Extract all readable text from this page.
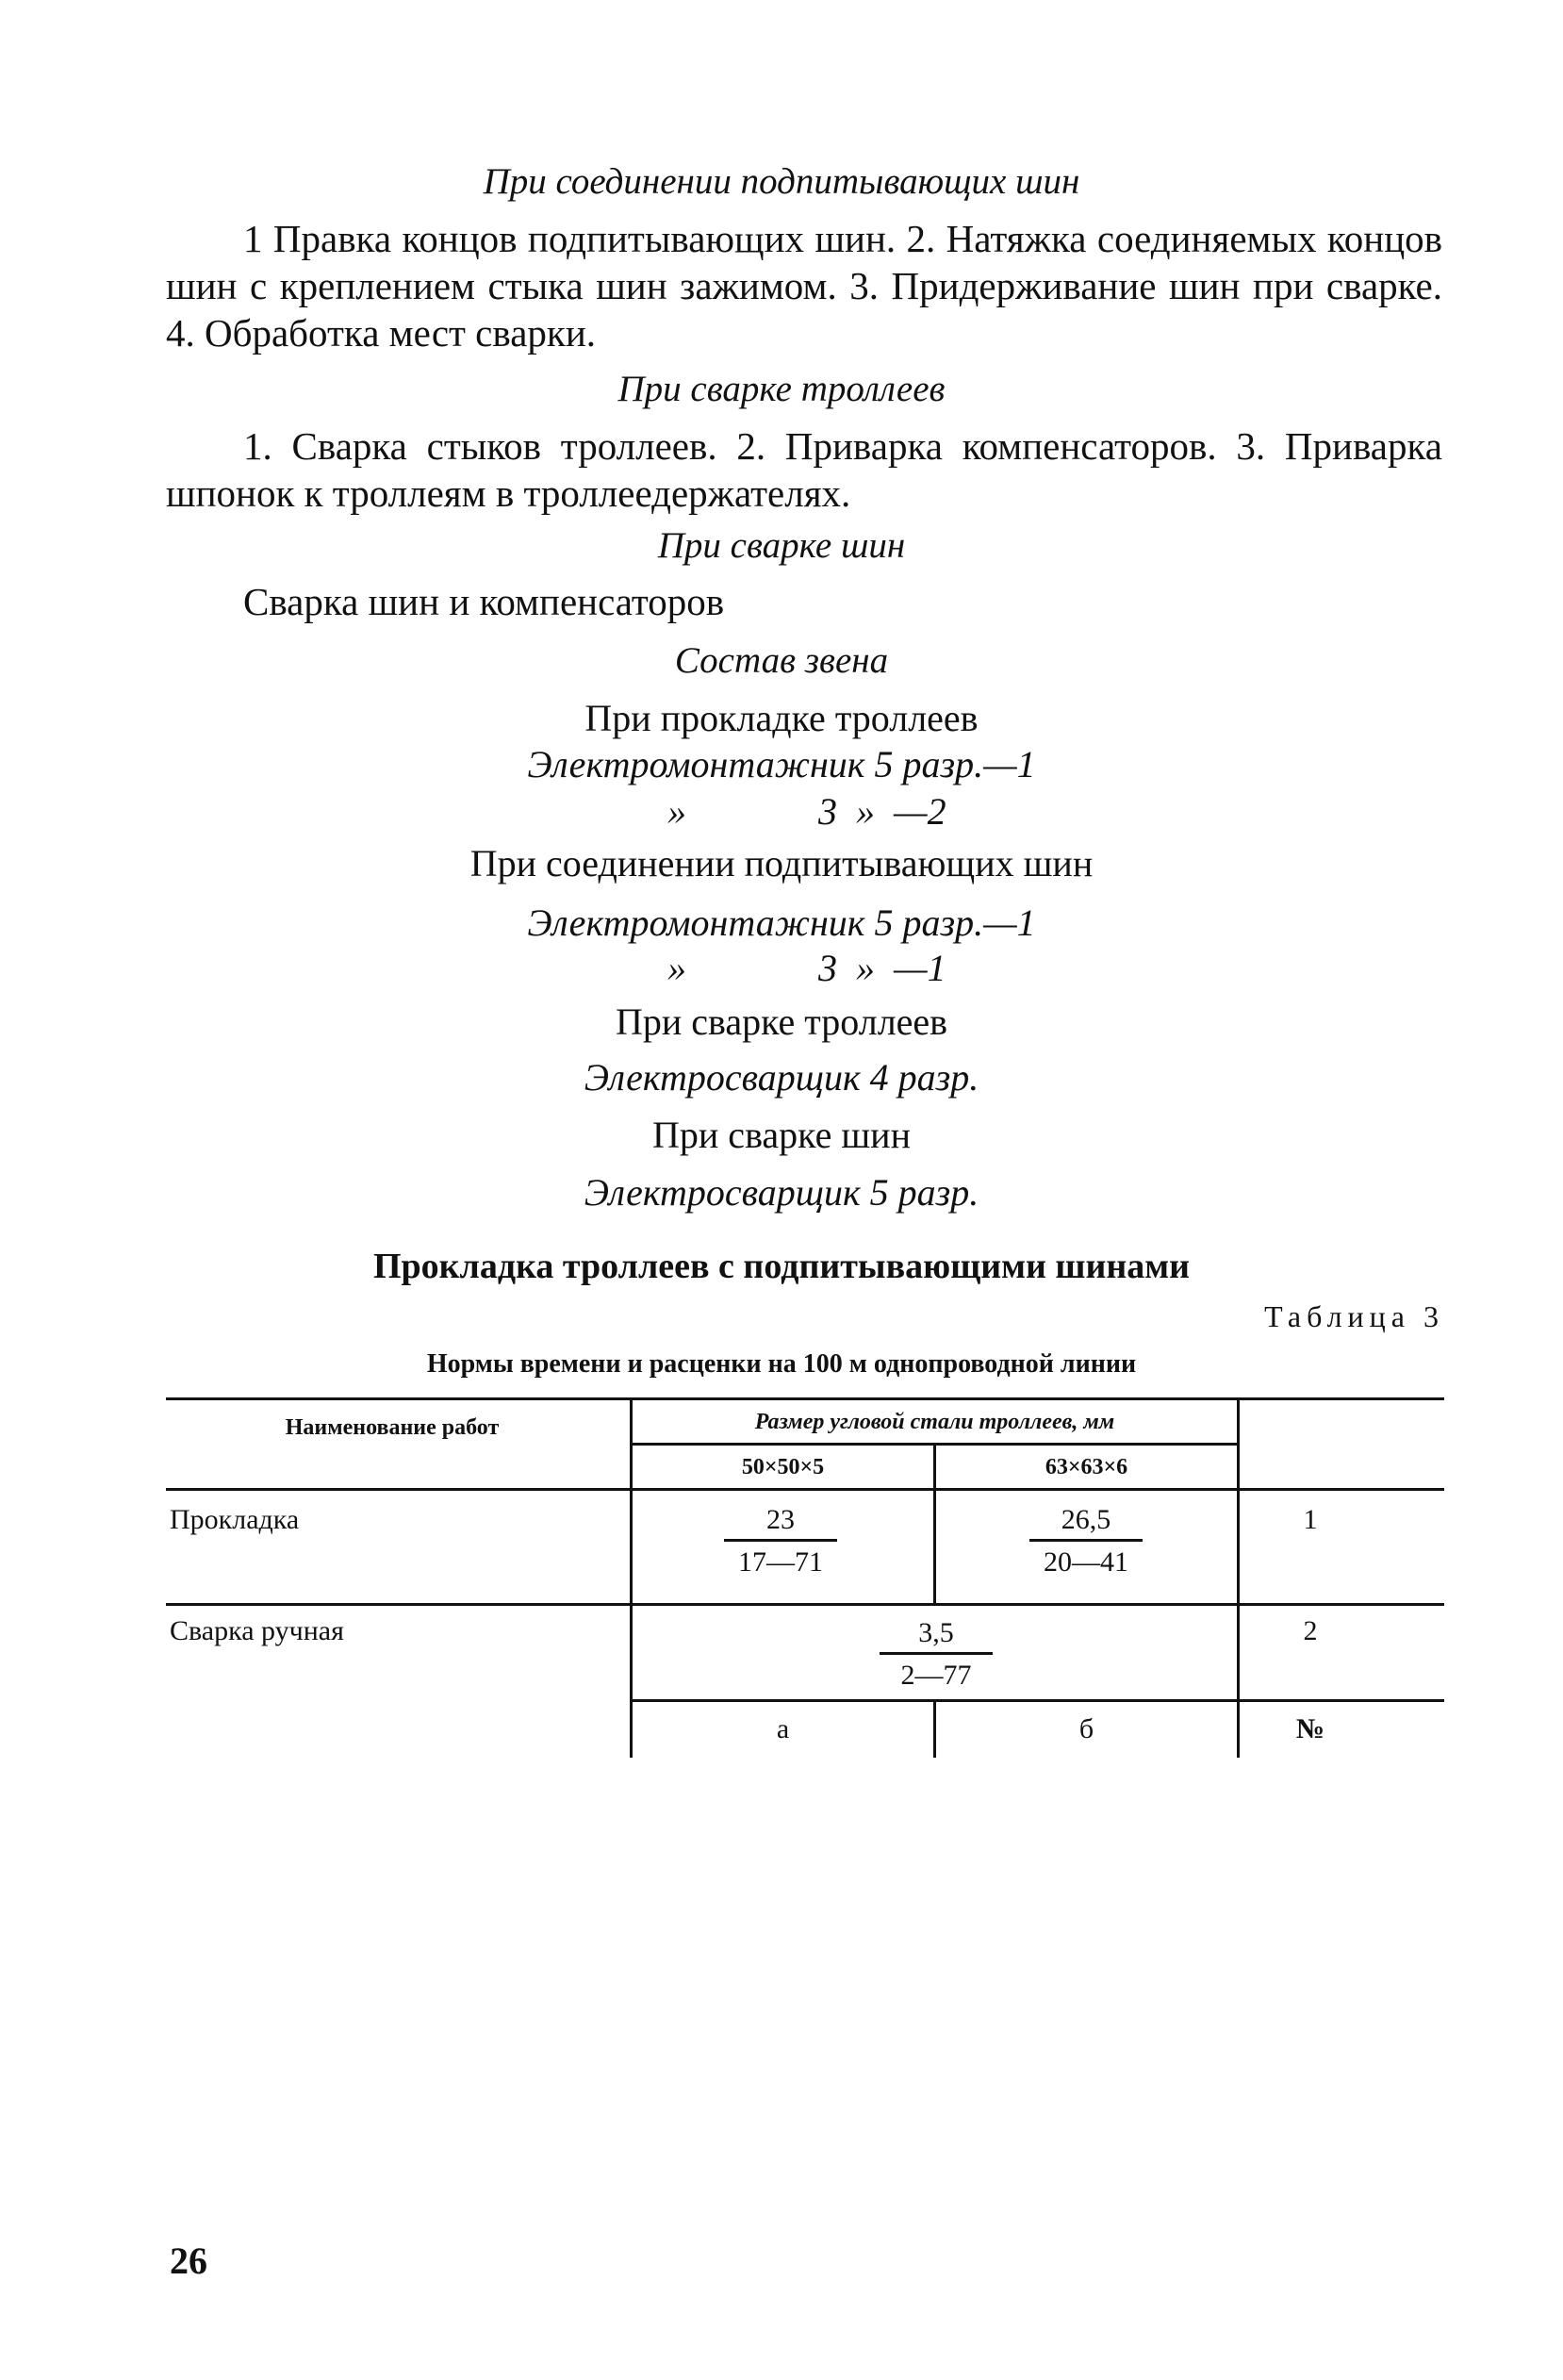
При соединении подпитывающих шин
1 Правка концов подпитывающих шин. 2. Натяжка соединяемых концов шин с креплением стыка шин зажимом. 3. Придерживание шин при сварке. 4. Обработка мест сварки.
При сварке троллеев
1. Сварка стыков троллеев. 2. Приварка компенсаторов. 3. Приварка шпонок к троллеям в троллеедержателях.
При сварке шин
Сварка шин и компенсаторов
Состав звена
При прокладке троллеев
Электромонтажник 5 разр.—1
»              3  »  —2
При соединении подпитывающих шин
Электромонтажник 5 разр.—1
»              3  »  —1
При сварке троллеев
Электросварщик 4 разр.
При сварке шин
Электросварщик 5 разр.
Прокладка троллеев с подпитывающими шинами
Таблица 3
Нормы времени и расценки на 100 м однопроводной линии
Наименование работ	Размер угловой стали троллеев, мм
50×50×5	63×63×6
Прокладка	$\frac{23}{17—71}$	$\frac{26,5}{20—41}$	1
Сварка ручная	$\frac{3,5}{2—77}$	2
а	б	№
26
